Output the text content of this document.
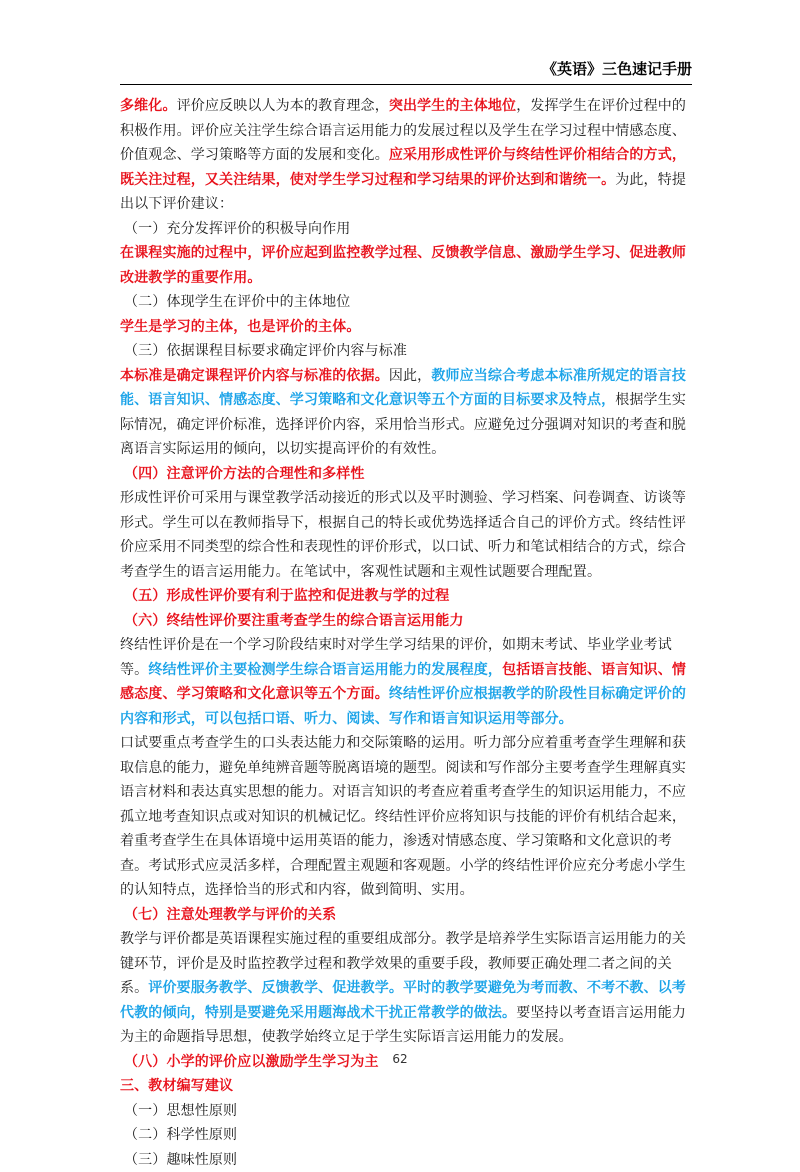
《英语》三色速记手册

多维化。评价应反映以人为本的教育理念，突出学生的主体地位，发挥学生在评价过程中的积极作用。评价应关注学生综合语言运用能力的发展过程以及学生在学习过程中情感态度、价值观念、学习策略等方面的发展和变化。应采用形成性评价与终结性评价相结合的方式，既关注过程，又关注结果，使对学生学习过程和学习结果的评价达到和谐统一。为此，特提出以下评价建议：

（一）充分发挥评价的积极导向作用

在课程实施的过程中，评价应起到监控教学过程、反馈教学信息、激励学生学习、促进教师改进教学的重要作用。

（二）体现学生在评价中的主体地位

学生是学习的主体，也是评价的主体。

（三）依据课程目标要求确定评价内容与标准

本标准是确定课程评价内容与标准的依据。因此，教师应当综合考虑本标准所规定的语言技能、语言知识、情感态度、学习策略和文化意识等五个方面的目标要求及特点，根据学生实际情况，确定评价标准，选择评价内容，采用恰当形式。应避免过分强调对知识的考查和脱离语言实际运用的倾向，以切实提高评价的有效性。

（四）注意评价方法的合理性和多样性

形成性评价可采用与课堂教学活动接近的形式以及平时测验、学习档案、问卷调查、访谈等形式。学生可以在教师指导下，根据自己的特长或优势选择适合自己的评价方式。终结性评价应采用不同类型的综合性和表现性的评价形式，以口试、听力和笔试相结合的方式，综合考查学生的语言运用能力。在笔试中，客观性试题和主观性试题要合理配置。

（五）形成性评价要有利于监控和促进教与学的过程

（六）终结性评价要注重考查学生的综合语言运用能力

终结性评价是在一个学习阶段结束时对学生学习结果的评价，如期末考试、毕业学业考试等。终结性评价主要检测学生综合语言运用能力的发展程度，包括语言技能、语言知识、情感态度、学习策略和文化意识等五个方面。终结性评价应根据教学的阶段性目标确定评价的内容和形式，可以包括口语、听力、阅读、写作和语言知识运用等部分。

口试要重点考查学生的口头表达能力和交际策略的运用。听力部分应着重考查学生理解和获取信息的能力，避免单纯辨音题等脱离语境的题型。阅读和写作部分主要考查学生理解真实语言材料和表达真实思想的能力。对语言知识的考查应着重考查学生的知识运用能力，不应孤立地考查知识点或对知识的机械记忆。终结性评价应将知识与技能的评价有机结合起来，着重考查学生在具体语境中运用英语的能力，渗透对情感态度、学习策略和文化意识的考查。考试形式应灵活多样，合理配置主观题和客观题。小学的终结性评价应充分考虑小学生的认知特点，选择恰当的形式和内容，做到简明、实用。

（七）注意处理教学与评价的关系

教学与评价都是英语课程实施过程的重要组成部分。教学是培养学生实际语言运用能力的关键环节，评价是及时监控教学过程和教学效果的重要手段，教师要正确处理二者之间的关系。评价要服务教学、反馈教学、促进教学。平时的教学要避免为考而教、不考不教、以考代教的倾向，特别是要避免采用题海战术干扰正常教学的做法。要坚持以考查语言运用能力为主的命题指导思想，使教学始终立足于学生实际语言运用能力的发展。

（八）小学的评价应以激励学生学习为主

三、教材编写建议

（一）思想性原则

（二）科学性原则

（三）趣味性原则

62
